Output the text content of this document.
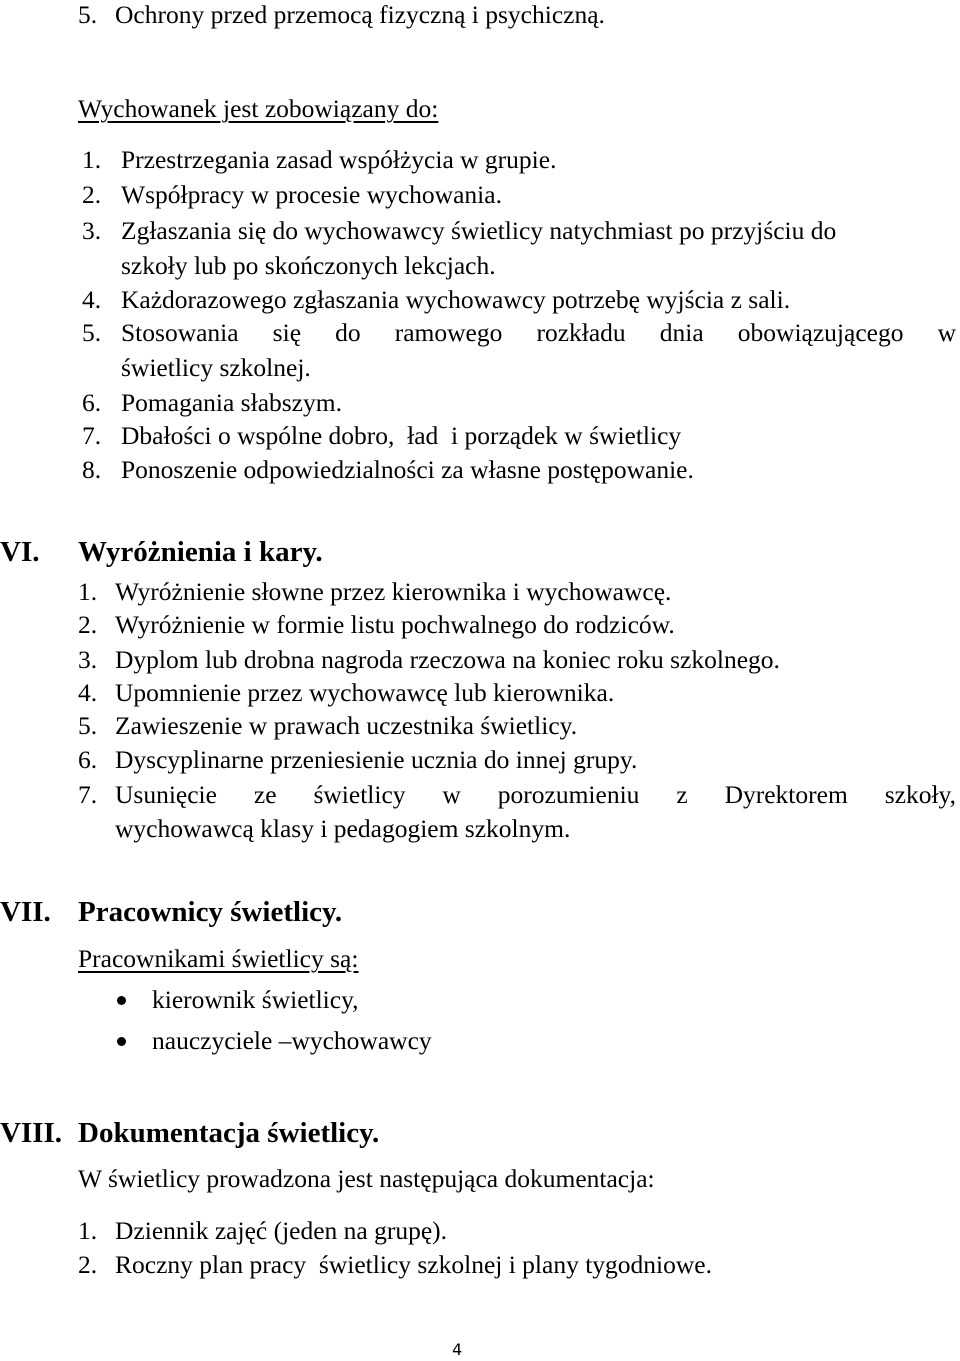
5. Ochrony przed przemocą fizyczną i psychiczną.
Wychowanek jest zobowiązany do:
1. Przestrzegania zasad współżycia w grupie.
2. Współpracy w procesie wychowania.
3. Zgłaszania się do wychowawcy świetlicy natychmiast po przyjściu do
szkoły lub po skończonych lekcjach.
4. Każdorazowego zgłaszania wychowawcy potrzebę wyjścia z sali.
5. Stosowania się do ramowego rozkładu dnia obowiązującego w
świetlicy szkolnej.
6. Pomagania słabszym.
7. Dbałości o wspólne dobro,  ład  i porządek w świetlicy
8. Ponoszenie odpowiedzialności za własne postępowanie.
VI. Wyróżnienia i kary.
1. Wyróżnienie słowne przez kierownika i wychowawcę.
2. Wyróżnienie w formie listu pochwalnego do rodziców.
3. Dyplom lub drobna nagroda rzeczowa na koniec roku szkolnego.
4. Upomnienie przez wychowawcę lub kierownika.
5. Zawieszenie w prawach uczestnika świetlicy.
6. Dyscyplinarne przeniesienie ucznia do innej grupy.
7. Usunięcie ze świetlicy w porozumieniu z Dyrektorem szkoły,
wychowawcą klasy i pedagogiem szkolnym.
VII. Pracownicy świetlicy.
Pracownikami świetlicy są:
kierownik świetlicy,
nauczyciele –wychowawcy
VIII. Dokumentacja świetlicy.
W świetlicy prowadzona jest następująca dokumentacja:
1. Dziennik zajęć (jeden na grupę).
2. Roczny plan pracy  świetlicy szkolnej i plany tygodniowe.
4
